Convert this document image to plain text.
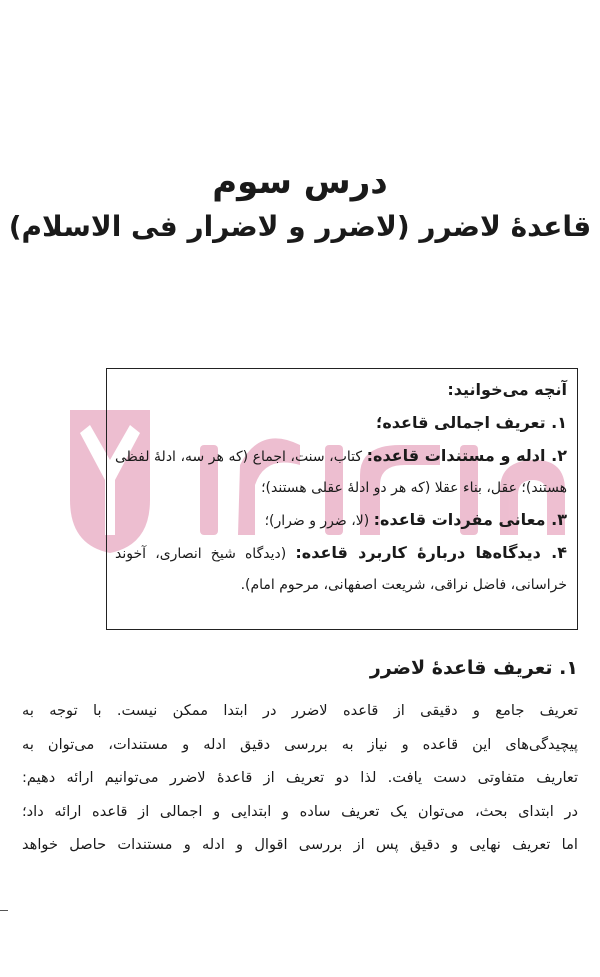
درس سوم
قاعدهٔ لاضرر (لاضرر و لاضرار فی الاسلام)

آنچه می‌خوانید:

۱. تعریف اجمالی قاعده؛

۲. ادله و مستندات قاعده: کتاب، سنت، اجماع (که هر سه، ادلهٔ لفظی هستند)؛ عقل، بناء عقلا (که هر دو ادلهٔ عقلی هستند)؛

۳. معانی مفردات قاعده: (لا، ضرر و ضرار)؛

۴. دیدگاه‌ها دربارهٔ کاربرد قاعده: (دیدگاه شیخ انصاری، آخوند خراسانی، فاضل نراقی، شریعت اصفهانی، مرحوم امام).

۱. تعریف قاعدهٔ لاضرر

تعریف جامع و دقیقی از قاعده لاضرر در ابتدا ممکن نیست. با توجه به

پیچیدگی‌های این قاعده و نیاز به بررسی دقیق ادله و مستندات، می‌توان به

تعاریف متفاوتی دست یافت. لذا دو تعریف از قاعدهٔ لاضرر می‌توانیم ارائه دهیم:

در ابتدای بحث، می‌توان یک تعریف ساده و ابتدایی و اجمالی از قاعده ارائه داد؛

اما تعریف نهایی و دقیق پس از بررسی اقوال و ادله و مستندات حاصل خواهد
